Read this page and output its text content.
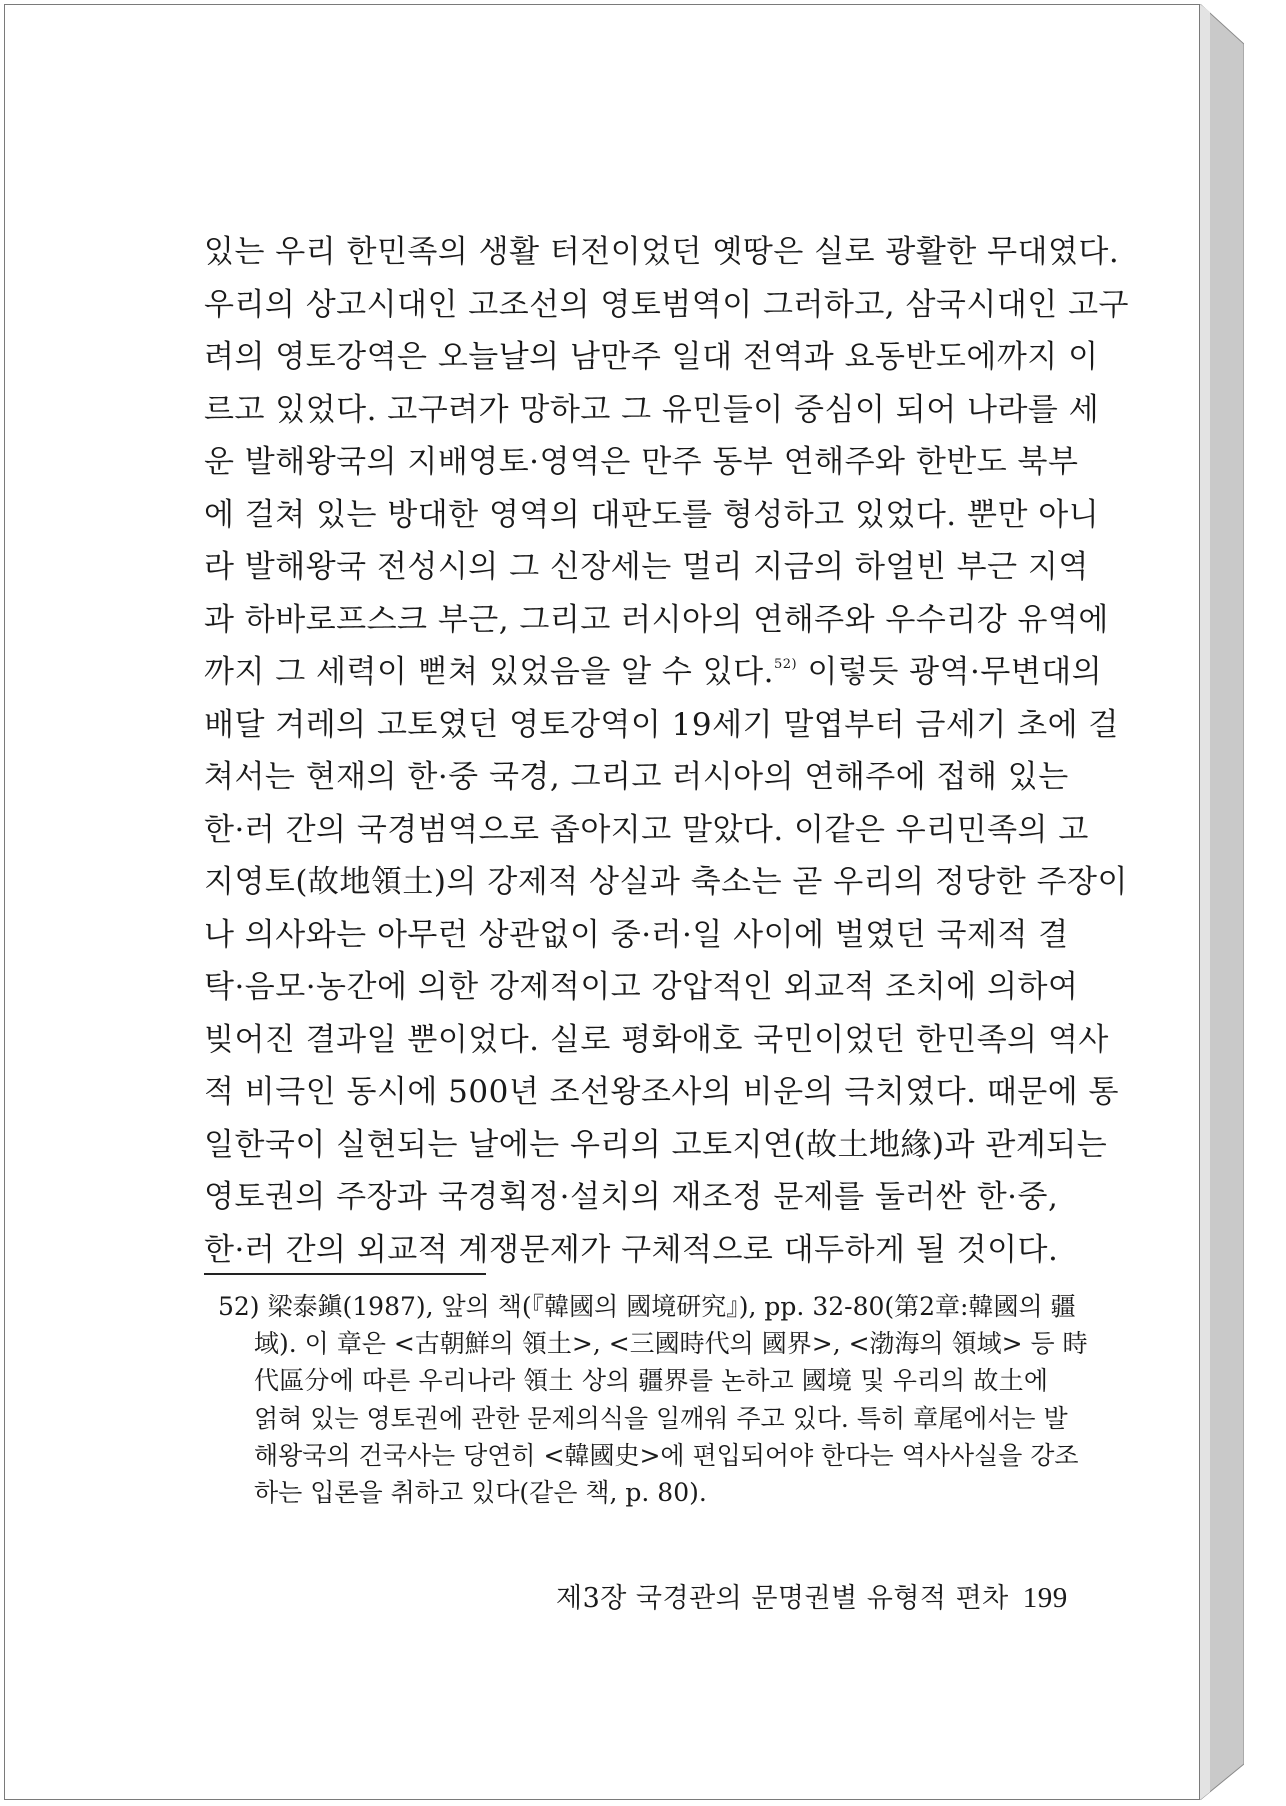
있는 우리 한민족의 생활 터전이었던 옛땅은 실로 광활한 무대였다.
우리의 상고시대인 고조선의 영토범역이 그러하고, 삼국시대인 고구
려의 영토강역은 오늘날의 남만주 일대 전역과 요동반도에까지 이
르고 있었다. 고구려가 망하고 그 유민들이 중심이 되어 나라를 세
운 발해왕국의 지배영토·영역은 만주 동부 연해주와 한반도 북부
에 걸쳐 있는 방대한 영역의 대판도를 형성하고 있었다. 뿐만 아니
라 발해왕국 전성시의 그 신장세는 멀리 지금의 하얼빈 부근 지역
과 하바로프스크 부근, 그리고 러시아의 연해주와 우수리강 유역에
까지 그 세력이 뻗쳐 있었음을 알 수 있다.$^{52)}$ 이렇듯 광역·무변대의
배달 겨레의 고토였던 영토강역이 19세기 말엽부터 금세기 초에 걸
쳐서는 현재의 한·중 국경, 그리고 러시아의 연해주에 접해 있는
한·러 간의 국경범역으로 좁아지고 말았다. 이같은 우리민족의 고
지영토(故地領土)의 강제적 상실과 축소는 곧 우리의 정당한 주장이
나 의사와는 아무런 상관없이 중·러·일 사이에 벌였던 국제적 결
탁·음모·농간에 의한 강제적이고 강압적인 외교적 조치에 의하여
빚어진 결과일 뿐이었다. 실로 평화애호 국민이었던 한민족의 역사
적 비극인 동시에 500년 조선왕조사의 비운의 극치였다. 때문에 통
일한국이 실현되는 날에는 우리의 고토지연(故土地緣)과 관계되는
영토권의 주장과 국경획정·설치의 재조정 문제를 둘러싼 한·중,
한·러 간의 외교적 계쟁문제가 구체적으로 대두하게 될 것이다.
52) 梁泰鎭(1987), 앞의 책(『韓國의 國境研究』), pp. 32-80(第2章:韓國의 疆
域). 이 章은 <古朝鮮의 領土>, <三國時代의 國界>, <渤海의 領域> 등 時
代區分에 따른 우리나라 領土 상의 疆界를 논하고 國境 및 우리의 故土에
얽혀 있는 영토권에 관한 문제의식을 일깨워 주고 있다. 특히 章尾에서는 발
해왕국의 건국사는 당연히 <韓國史>에 편입되어야 한다는 역사사실을 강조
하는 입론을 취하고 있다(같은 책, p. 80).
제3장 국경관의 문명권별 유형적 편차 199
